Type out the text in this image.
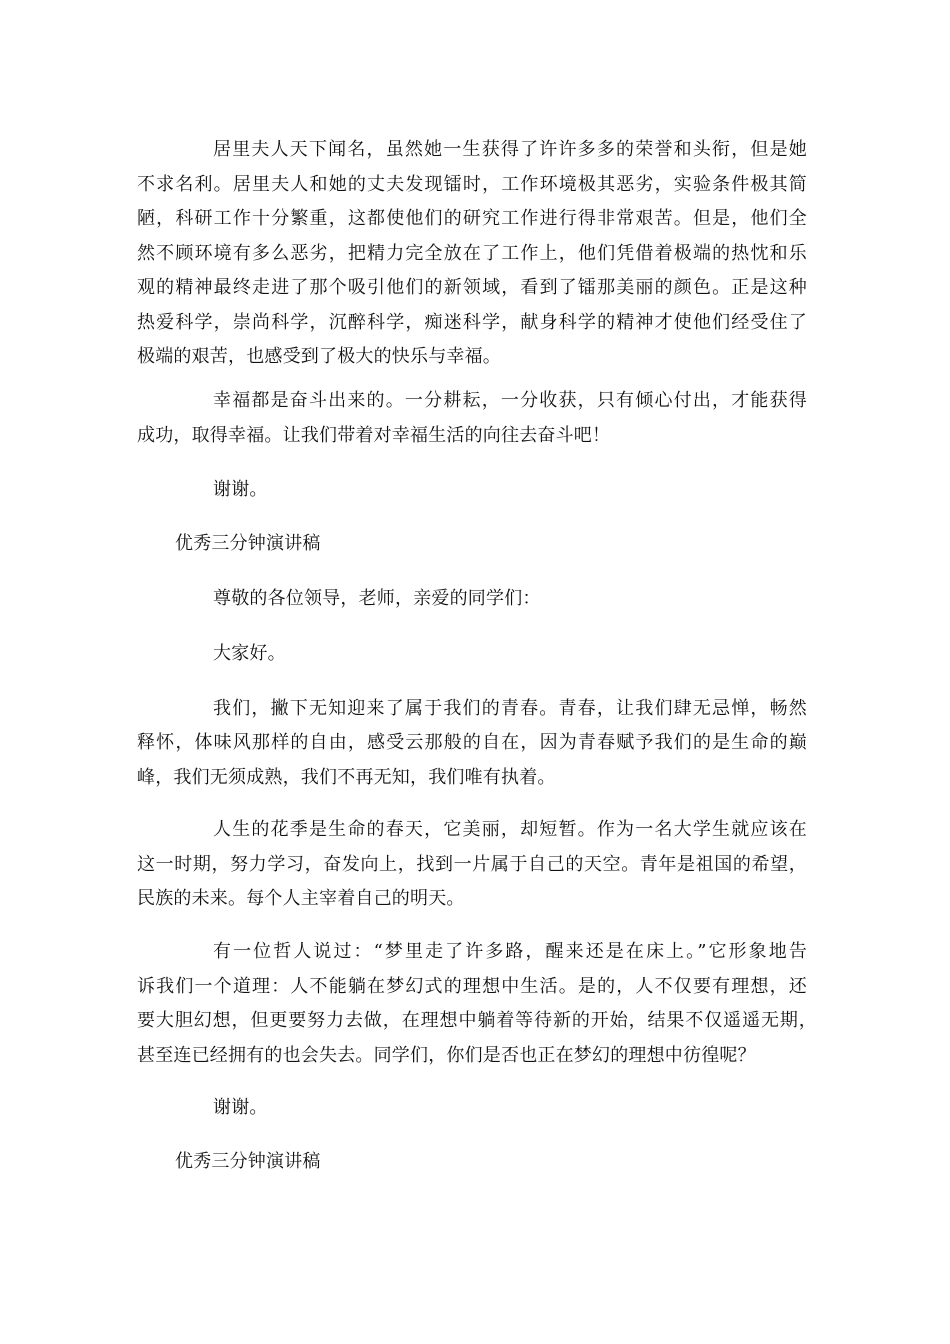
居里夫人天下闻名，虽然她一生获得了许许多多的荣誉和头衔，但是她
不求名利。居里夫人和她的丈夫发现镭时，工作环境极其恶劣，实验条件极其简
陋，科研工作十分繁重，这都使他们的研究工作进行得非常艰苦。但是，他们全
然不顾环境有多么恶劣，把精力完全放在了工作上，他们凭借着极端的热忱和乐
观的精神最终走进了那个吸引他们的新领域，看到了镭那美丽的颜色。正是这种
热爱科学，崇尚科学，沉醉科学，痴迷科学，献身科学的精神才使他们经受住了
极端的艰苦，也感受到了极大的快乐与幸福。
幸福都是奋斗出来的。一分耕耘，一分收获，只有倾心付出，才能获得
成功，取得幸福。让我们带着对幸福生活的向往去奋斗吧！
谢谢。
优秀三分钟演讲稿
尊敬的各位领导，老师，亲爱的同学们：
大家好。
我们，撇下无知迎来了属于我们的青春。青春，让我们肆无忌惮，畅然
释怀，体味风那样的自由，感受云那般的自在，因为青春赋予我们的是生命的巅
峰，我们无须成熟，我们不再无知，我们唯有执着。
人生的花季是生命的春天，它美丽，却短暂。作为一名大学生就应该在
这一时期，努力学习，奋发向上，找到一片属于自己的天空。青年是祖国的希望，
民族的未来。每个人主宰着自己的明天。
有一位哲人说过：“梦里走了许多路，醒来还是在床上。”它形象地告
诉我们一个道理：人不能躺在梦幻式的理想中生活。是的，人不仅要有理想，还
要大胆幻想，但更要努力去做，在理想中躺着等待新的开始，结果不仅遥遥无期，
甚至连已经拥有的也会失去。同学们，你们是否也正在梦幻的理想中彷徨呢？
谢谢。
优秀三分钟演讲稿
